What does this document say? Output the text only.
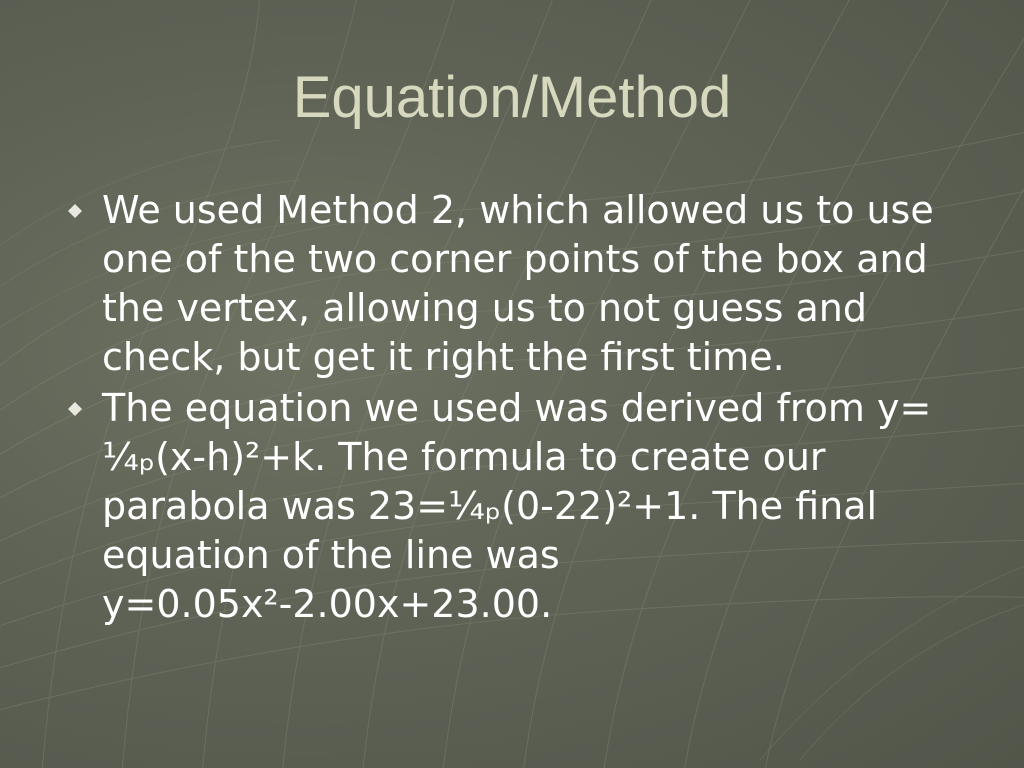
Equation/Method
We used Method 2, which allowed us to use one of the two corner points of the box and the vertex, allowing us to not guess and check, but get it right the first time.
The equation we used was derived from y= ¼ₚ(x-h)²+k. The formula to create our parabola was 23=¼ₚ(0-22)²+1. The final equation of the line was y=0.05x²-2.00x+23.00.
